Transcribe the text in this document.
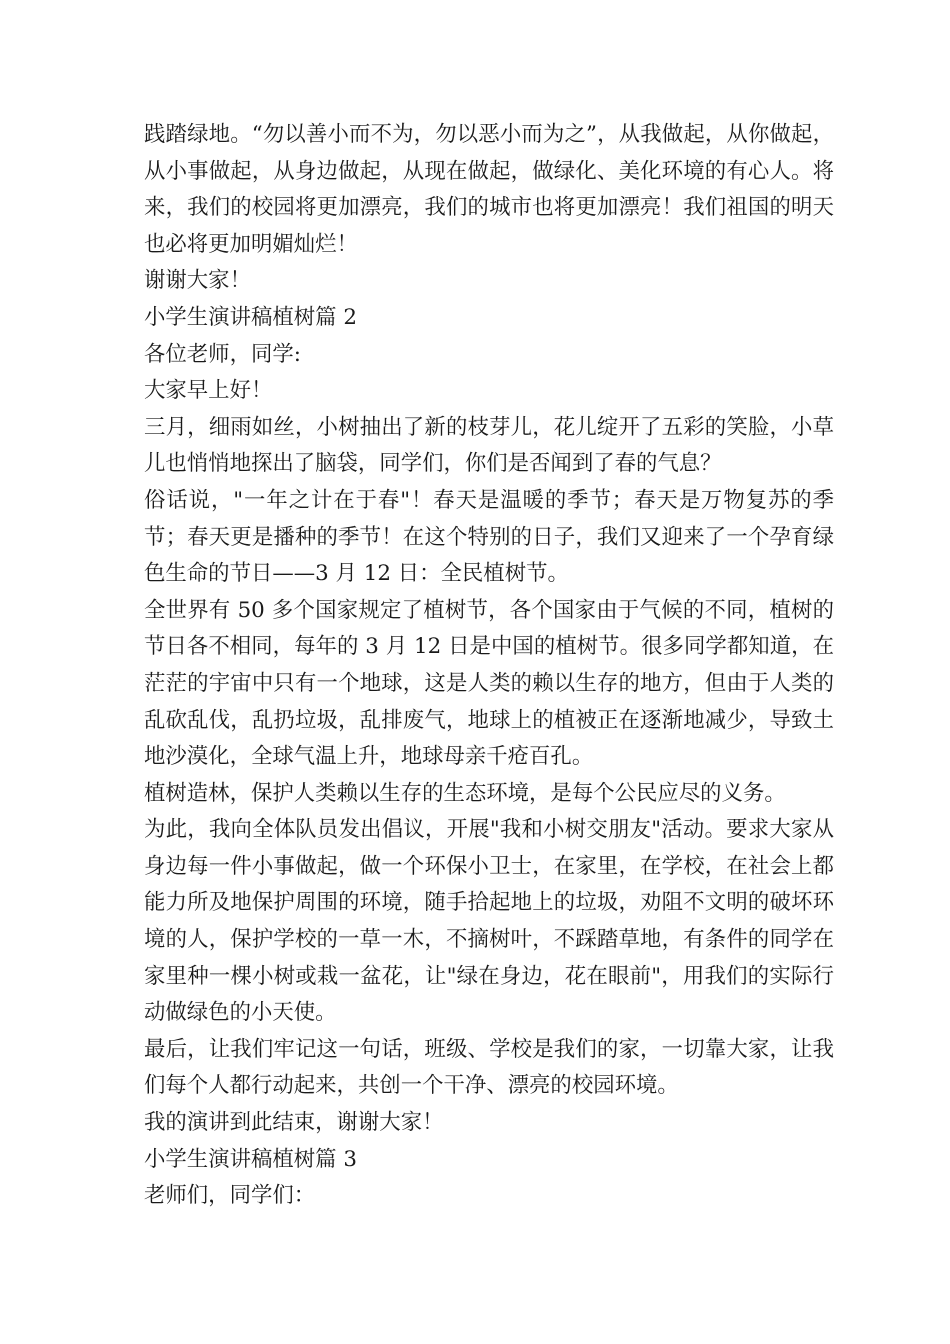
践踏绿地。“勿以善小而不为，勿以恶小而为之”，从我做起，从你做起，从小事做起，从身边做起，从现在做起，做绿化、美化环境的有心人。将来，我们的校园将更加漂亮，我们的城市也将更加漂亮！我们祖国的明天也必将更加明媚灿烂！

谢谢大家！

小学生演讲稿植树篇 2

各位老师，同学:

大家早上好！

三月，细雨如丝，小树抽出了新的枝芽儿，花儿绽开了五彩的笑脸，小草儿也悄悄地探出了脑袋，同学们，你们是否闻到了春的气息？

俗话说，"一年之计在于春"！春天是温暖的季节；春天是万物复苏的季节；春天更是播种的季节！在这个特别的日子，我们又迎来了一个孕育绿色生命的节日——3 月 12 日：全民植树节。

全世界有 50 多个国家规定了植树节，各个国家由于气候的不同，植树的节日各不相同，每年的 3 月 12 日是中国的植树节。很多同学都知道，在茫茫的宇宙中只有一个地球，这是人类的赖以生存的地方，但由于人类的乱砍乱伐，乱扔垃圾，乱排废气，地球上的植被正在逐渐地减少，导致土地沙漠化，全球气温上升，地球母亲千疮百孔。

植树造林，保护人类赖以生存的生态环境，是每个公民应尽的义务。

为此，我向全体队员发出倡议，开展"我和小树交朋友"活动。要求大家从身边每一件小事做起，做一个环保小卫士，在家里，在学校，在社会上都能力所及地保护周围的环境，随手拾起地上的垃圾，劝阻不文明的破坏环境的人，保护学校的一草一木，不摘树叶，不踩踏草地，有条件的同学在家里种一棵小树或栽一盆花，让"绿在身边，花在眼前"，用我们的实际行动做绿色的小天使。

最后，让我们牢记这一句话，班级、学校是我们的家，一切靠大家，让我们每个人都行动起来，共创一个干净、漂亮的校园环境。

我的演讲到此结束，谢谢大家！

小学生演讲稿植树篇 3

老师们，同学们：
